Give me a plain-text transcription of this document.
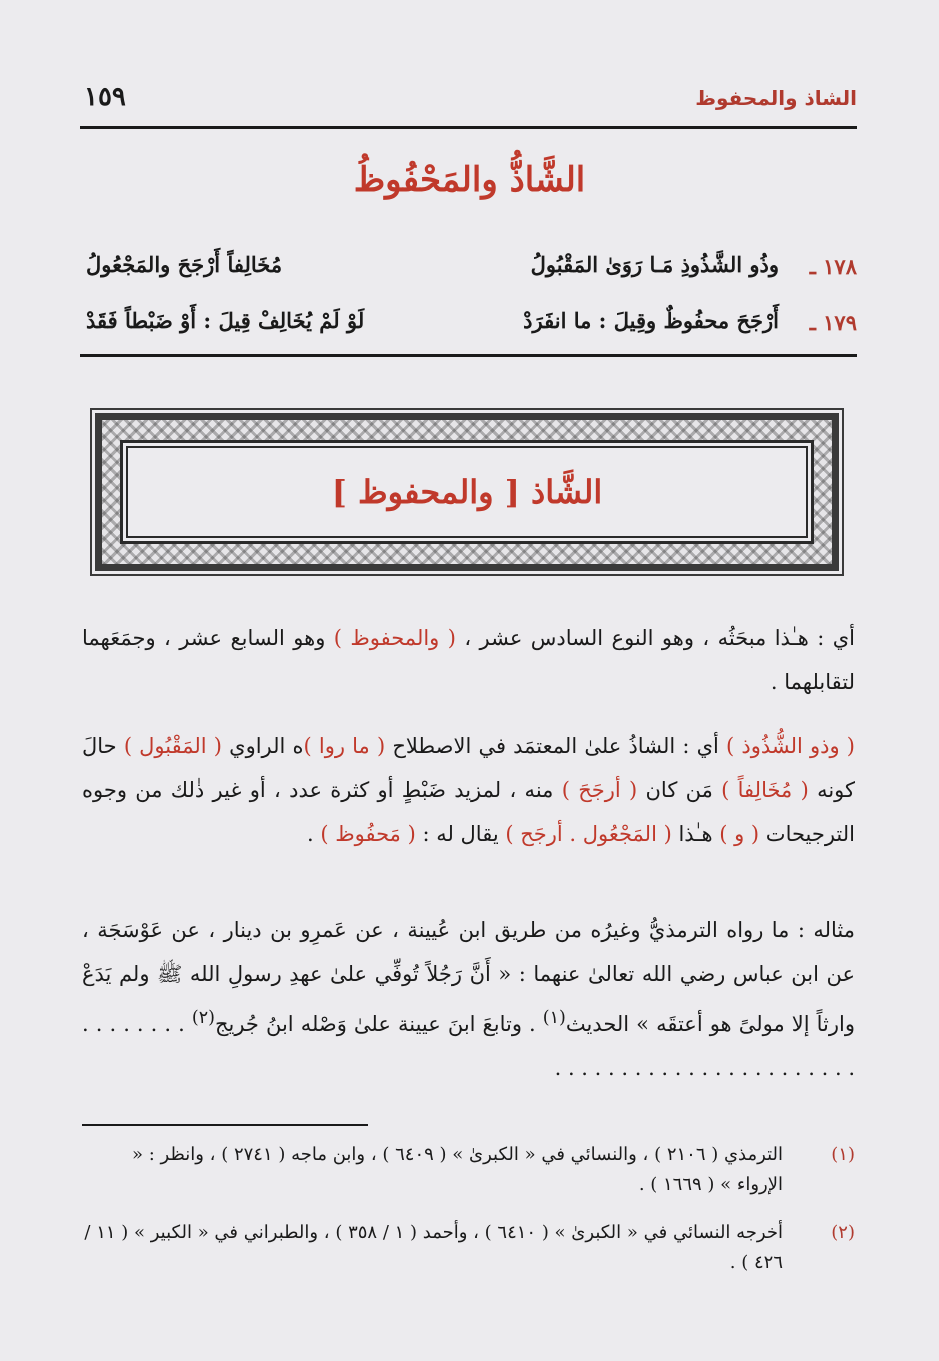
الشاذ والمحفوظ
١٥٩
الشَّاذُّ والمَحْفُوظُ
١٧٨ ـ
وذُو الشَّذُوذِ مَـا رَوَىٰ المَقْبُولُ
مُخَالِفاً أَرْجَحَ والمَجْعُولُ
١٧٩ ـ
أَرْجَحَ محفُوظٌ وقِيلَ : ما انفَرَدْ
لَوْ لَمْ يُخَالِفْ قِيلَ : أَوْ ضَبْطاً فَقَدْ
الشَّاذ [ والمحفوظ ]
أي : هـٰذا مبحَثُه ، وهو النوع السادس عشر ، ( والمحفوظ ) وهو السابع عشر ، وجمَعَهما لتقابلهما .
( وذو الشُّذُوذ ) أي : الشاذُ علىٰ المعتمَد في الاصطلاح ( ما روا )ه الراوي ( المَقْبُول ) حالَ كونه ( مُخَالِفاً ) مَن كان ( أرجَحَ ) منه ، لمزيد ضَبْطٍ أو كثرة عدد ، أو غير ذٰلك من وجوه الترجيحات ( و ) هـٰذا ( المَجْعُول . أرجَح ) يقال له : ( مَحفُوظ ) .
مثاله : ما رواه الترمذيُّ وغيرُه من طريق ابن عُيينة ، عن عَمرِو بن دينار ، عن عَوْسَجَة ، عن ابن عباس رضي الله تعالىٰ عنهما : « أَنَّ رَجُلاً تُوفِّي علىٰ عهدِ رسولِ الله ﷺ ولم يَدَعْ وارثاً إلا مولىً هو أعتقَه » الحديث$^{(١)}$ . وتابعَ ابنَ عيينة علىٰ وَصْله ابنُ جُريج$^{(٢)}$ . . . . . . . . . . . . . . . . . . . . . . . . . . . . . . .
(١)
الترمذي ( ٢١٠٦ ) ، والنسائي في « الكبرىٰ » ( ٦٤٠٩ ) ، وابن ماجه ( ٢٧٤١ ) ، وانظر : « الإرواء » ( ١٦٦٩ ) .
(٢)
أخرجه النسائي في « الكبرىٰ » ( ٦٤١٠ ) ، وأحمد ( ١ / ٣٥٨ ) ، والطبراني في « الكبير » ( ١١ / ٤٢٦ ) .
